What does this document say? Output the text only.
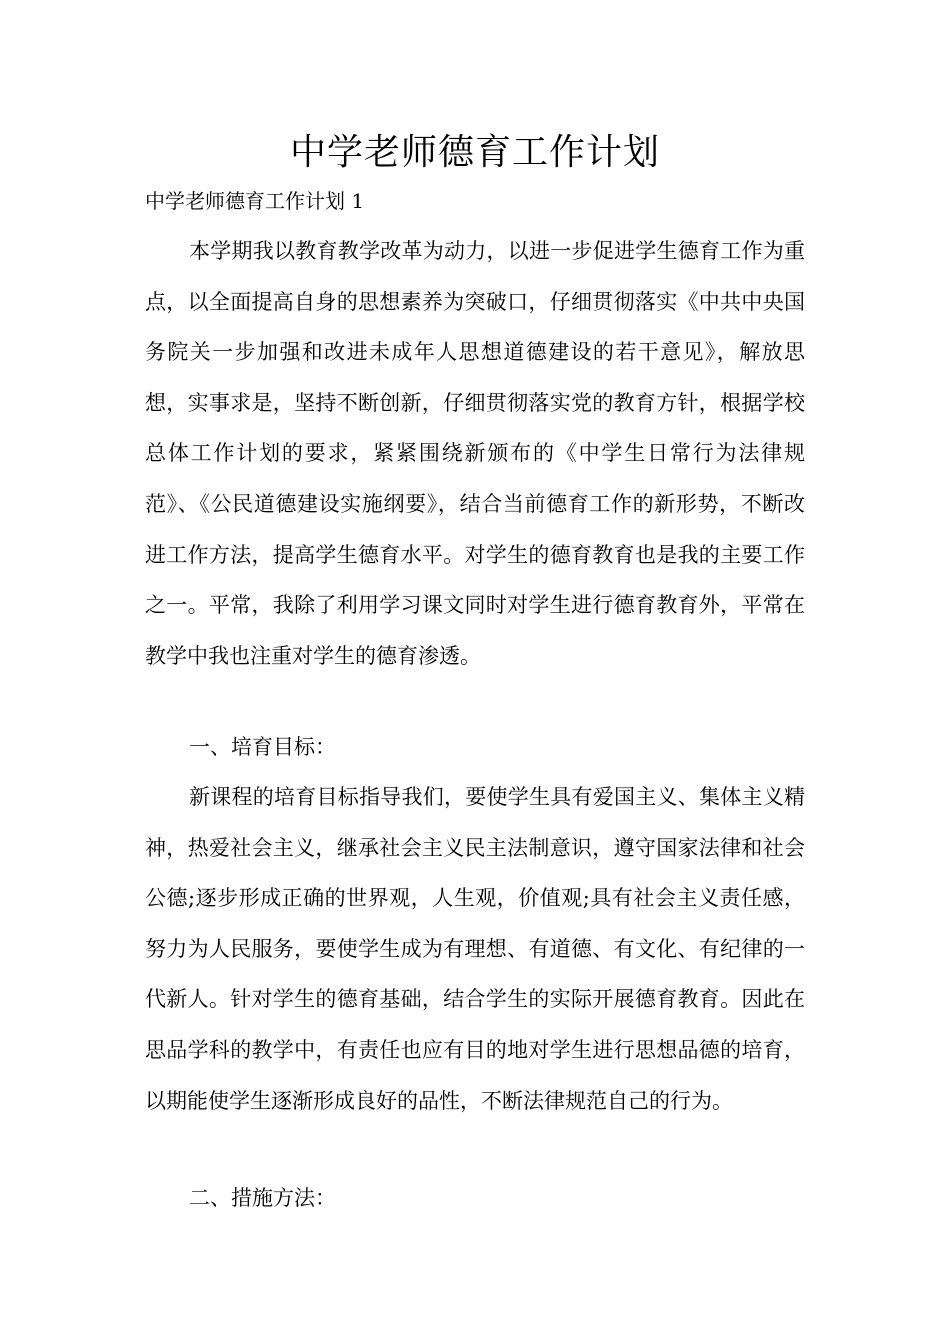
中学老师德育工作计划

中学老师德育工作计划 1

本学期我以教育教学改革为动力，以进一步促进学生德育工作为重点，以全面提高自身的思想素养为突破口，仔细贯彻落实《中共中央国务院关一步加强和改进未成年人思想道德建设的若干意见》，解放思想，实事求是，坚持不断创新，仔细贯彻落实党的教育方针，根据学校总体工作计划的要求，紧紧围绕新颁布的《中学生日常行为法律规范》、《公民道德建设实施纲要》，结合当前德育工作的新形势，不断改进工作方法，提高学生德育水平。对学生的德育教育也是我的主要工作之一。平常，我除了利用学习课文同时对学生进行德育教育外，平常在教学中我也注重对学生的德育渗透。

一、培育目标：

新课程的培育目标指导我们，要使学生具有爱国主义、集体主义精神，热爱社会主义，继承社会主义民主法制意识，遵守国家法律和社会公德;逐步形成正确的世界观，人生观，价值观;具有社会主义责任感，努力为人民服务，要使学生成为有理想、有道德、有文化、有纪律的一代新人。针对学生的德育基础，结合学生的实际开展德育教育。因此在思品学科的教学中，有责任也应有目的地对学生进行思想品德的培育，以期能使学生逐渐形成良好的品性，不断法律规范自己的行为。

二、措施方法：
